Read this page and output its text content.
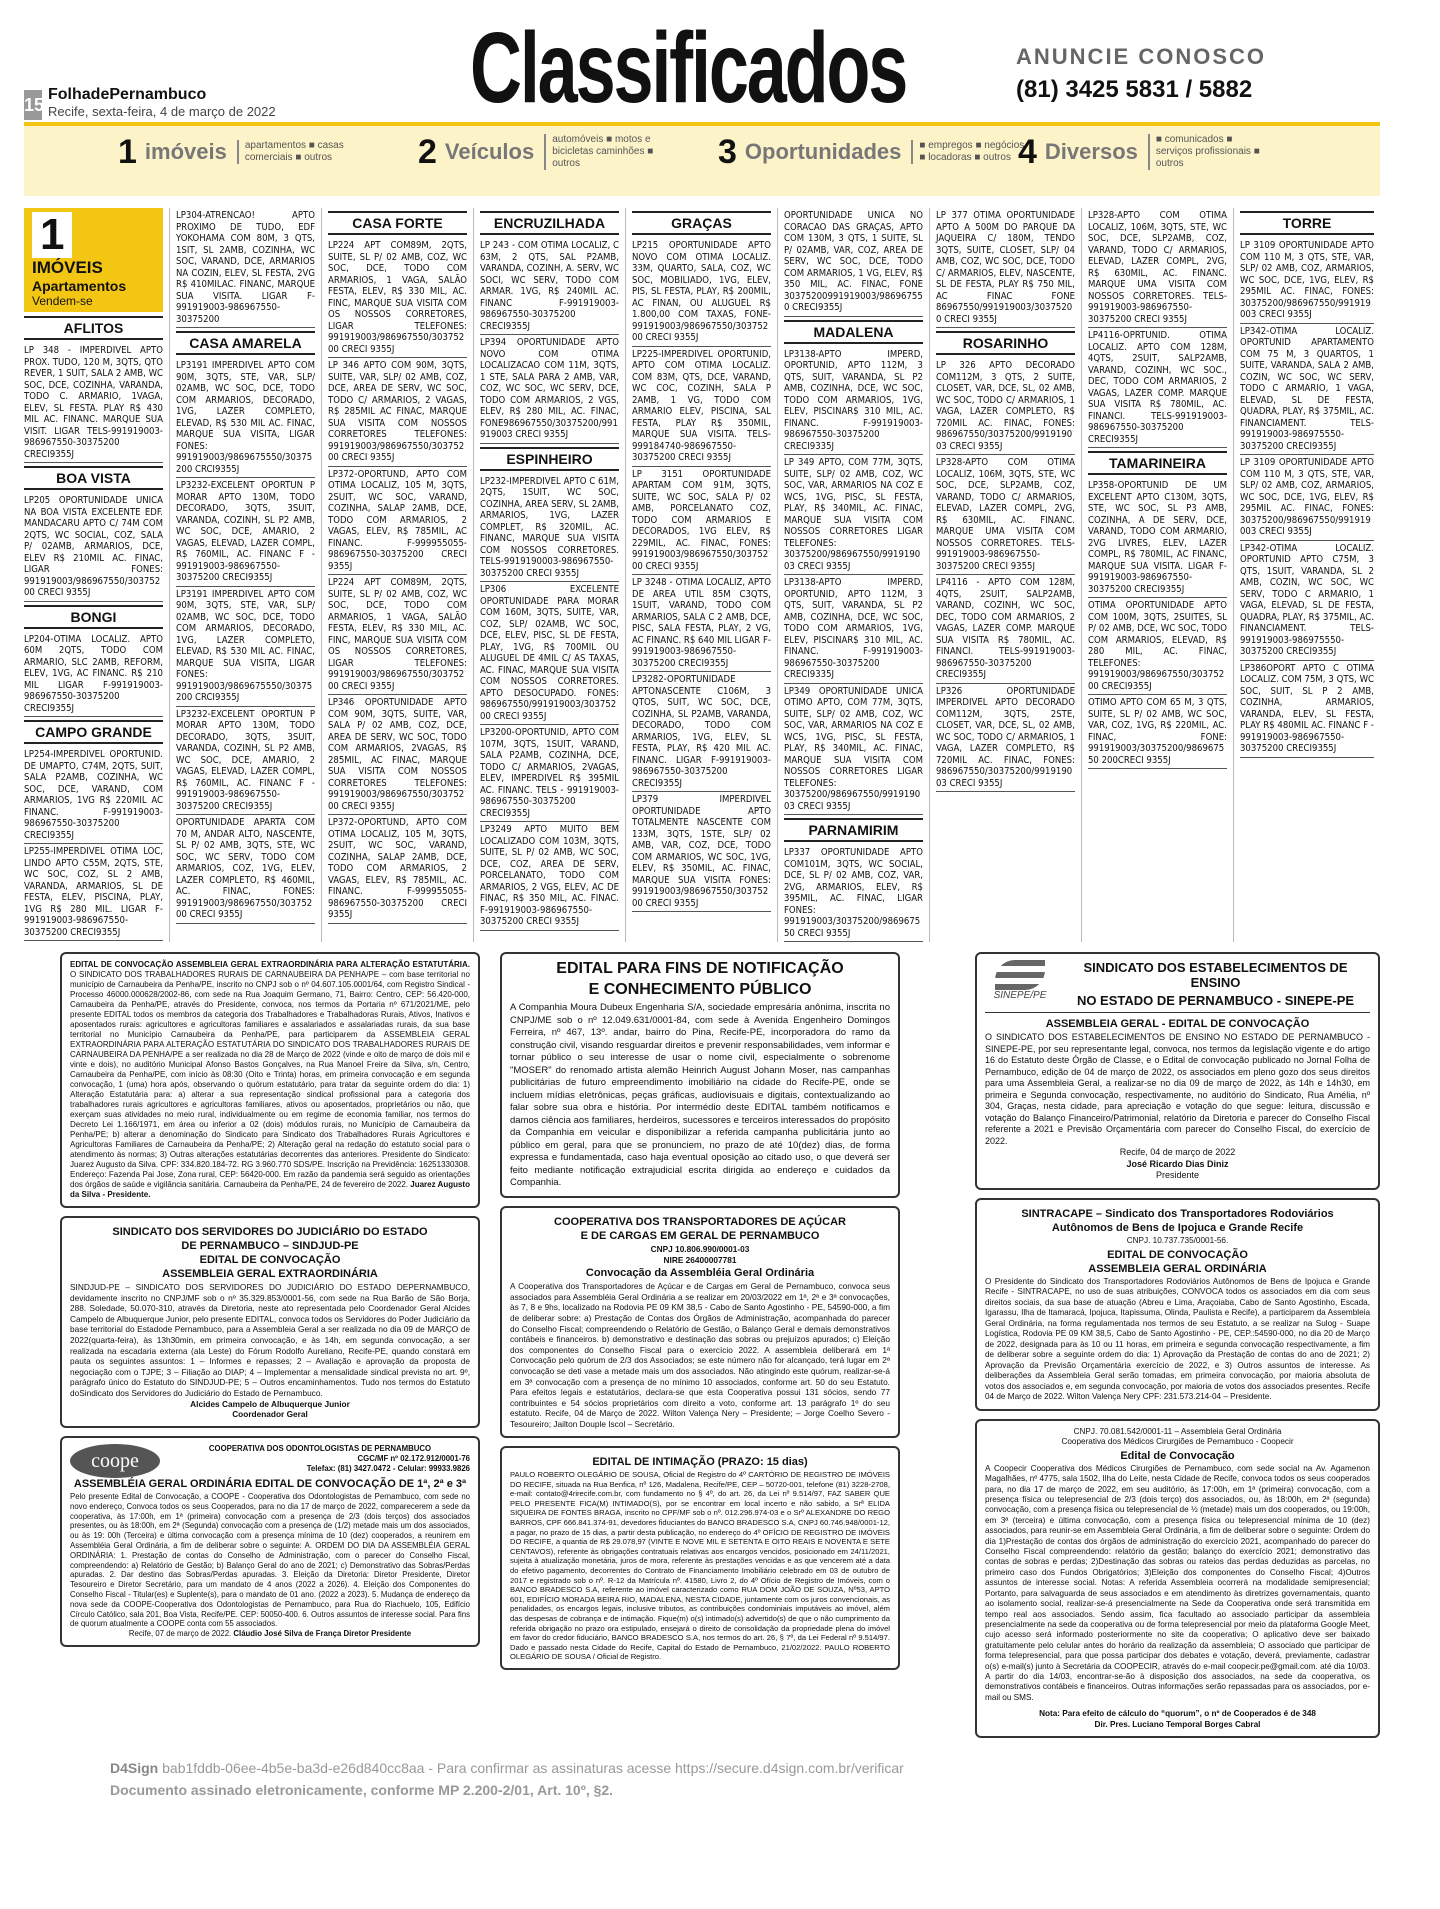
15
FolhadePernambuco
Recife, sexta-feira, 4 de março de 2022 Classificados	ANUNCIE CONOSCO
(81) 3425 5831 / 5882
1 imóveis	apartamentos ■ casas comerciais ■ outros	2 Veículos	automóveis ■ motos e bicicletas caminhões ■ outros	3 Oportunidades	■ empregos ■ negócios ■ locadoras ■ outros 4 Diversos	■ comunicados ■ serviços profissionais ■ outros
1
IMÓVEIS
Apartamentos
Vendem-se
AFLITOS
LP 348 - IMPERDIVEL APTO PROX. TUDO, 120 M, 3QTS, QTO REVER, 1 SUIT, SALA 2 AMB, WC SOC, DCE, COZINHA, VARANDA, TODO C. ARMARIO, 1VAGA, ELEV, SL FESTA. PLAY R$ 430 MIL AC. FINANC. MARQUE SUA VISIT. LIGAR TELS-991919003-986967550-30375200 CRECI9355J
BOA VISTA
LP205 OPORTUNIDADE UNICA NA BOA VISTA EXCELENTE EDF. MANDACARU APTO C/ 74M COM 2QTS, WC SOCIAL, COZ, SALA P/ 02AMB, ARMARIOS, DCE, ELEV R$ 210MIL AC. FINAC, LIGAR FONES: 991919003/986967550/30375200 CRECI 9355J
BONGI
LP204-OTIMA LOCALIZ. APTO 60M 2QTS, TODO COM ARMARIO, SLC 2AMB, REFORM, ELEV, 1VG, AC FINANC. R$ 210 MIL LIGAR F-991919003-986967550-30375200 CRECI9355J
CAMPO GRANDE
LP254-IMPERDIVEL OPORTUNID. DE UMAPTO, C74M, 2QTS, SUIT, SALA P2AMB, COZINHA, WC SOC, DCE, VARAND, COM ARMARIOS, 1VG R$ 220MIL AC FINANC. F-991919003-986967550-30375200 CRECI9355J
LP255-IMPERDIVEL OTIMA LOC, LINDO APTO C55M, 2QTS, STE, WC SOC, COZ, SL 2 AMB, VARANDA, ARMARIOS, SL DE FESTA, ELEV, PISCINA, PLAY, 1VG R$ 280 MIL. LIGAR F-991919003-986967550-30375200 CRECI9355J
LP304-ATRENCAO! APTO PROXIMO DE TUDO, EDF YOKOHAMA COM 80M, 3 QTS, 1SIT, SL 2AMB, COZINHA, WC SOC, VARAND, DCE, ARMARIOS NA COZIN, ELEV, SL FESTA, 2VG R$ 410MILAC. FINANC, MARQUE SUA VISITA. LIGAR F-991919003-986967550-30375200
CASA AMARELA
LP3191 IMPERDIVEL APTO COM 90M, 3QTS, STE, VAR, SLP/ 02AMB, WC SOC, DCE, TODO COM ARMARIOS, DECORADO, 1VG, LAZER COMPLETO, ELEVAD, R$ 530 MIL AC. FINAC, MARQUE SUA VISITA, LIGAR FONES: 991919003/9869675550/30375200 CRCI9355J
LP3232-EXCELENT OPORTUN P MORAR APTO 130M, TODO DECORADO, 3QTS, 3SUIT, VARANDA, COZINH, SL P2 AMB, WC SOC, DCE, AMARIO, 2 VAGAS, ELEVAD, LAZER COMPL, R$ 760MIL, AC. FINANC F - 991919003-986967550-30375200 CRECI9355J
LP3191 IMPERDIVEL APTO COM 90M, 3QTS, STE, VAR, SLP/ 02AMB, WC SOC, DCE, TODO COM ARMARIOS, DECORADO, 1VG, LAZER COMPLETO, ELEVAD, R$ 530 MIL AC. FINAC, MARQUE SUA VISITA, LIGAR FONES: 991919003/9869675550/30375200 CRCI9355J
LP3232-EXCELENT OPORTUN P MORAR APTO 130M, TODO DECORADO, 3QTS, 3SUIT, VARANDA, COZINH, SL P2 AMB, WC SOC, DCE, AMARIO, 2 VAGAS, ELEVAD, LAZER COMPL, R$ 760MIL, AC. FINANC F - 991919003-986967550-30375200 CRECI9355J
OPORTUNIDADE APARTA COM 70 M, ANDAR ALTO, NASCENTE, SL P/ 02 AMB, 3QTS, STE, WC SOC, WC SERV, TODO COM ARMARIOS, COZ, 1VG, ELEV, LAZER COMPLETO, R$ 460MIL, AC. FINAC, FONES: 991919003/986967550/30375200 CRECI 9355J
CASA FORTE
LP224 APT COM89M, 2QTS, SUITE, SL P/ 02 AMB, COZ, WC SOC, DCE, TODO COM ARMARIOS, 1 VAGA, SALÃO FESTA, ELEV, R$ 330 MIL, AC. FINC, MARQUE SUA VISITA COM OS NOSSOS CORRETORES, LIGAR TELEFONES: 991919003/986967550/30375200 CRECI 9355J
LP 346 APTO COM 90M, 3QTS, SUITE, VAR, SLP/ 02 AMB, COZ, DCE, AREA DE SERV, WC SOC, TODO C/ ARMARIOS, 2 VAGAS, R$ 285MIL AC FINAC, MARQUE SUA VISITA COM NOSSOS CORRETORES TELEFONES: 991919003/986967550/30375200 CRECI 9355J
LP372-OPORTUND, APTO COM OTIMA LOCALIZ, 105 M, 3QTS, 2SUIT, WC SOC, VARAND, COZINHA, SALAP 2AMB, DCE, TODO COM ARMARIOS, 2 VAGAS, ELEV, R$ 785MIL, AC FINANC. F-999955055-986967550-30375200 CRECI 9355J
LP224 APT COM89M, 2QTS, SUITE, SL P/ 02 AMB, COZ, WC SOC, DCE, TODO COM ARMARIOS, 1 VAGA, SALÃO FESTA, ELEV, R$ 330 MIL, AC. FINC, MARQUE SUA VISITA COM OS NOSSOS CORRETORES, LIGAR TELEFONES: 991919003/986967550/30375200 CRECI 9355J
LP346 OPORTUNIDADE APTO COM 90M, 3QTS, SUITE, VAR, SALA P/ 02 AMB, COZ, DCE, AREA DE SERV, WC SOC, TODO COM ARMARIOS, 2VAGAS, R$ 285MIL, AC FINAC, MARQUE SUA VISITA COM NOSSOS CORRETORES TELEFONES: 991919003/986967550/30375200 CRECI 9355J
LP372-OPORTUND, APTO COM OTIMA LOCALIZ, 105 M, 3QTS, 2SUIT, WC SOC, VARAND, COZINHA, SALAP 2AMB, DCE, TODO COM ARMARIOS, 2 VAGAS, ELEV, R$ 785MIL, AC. FINANC. F-999955055-986967550-30375200 CRECI 9355J
ENCRUZILHADA
LP 243 - COM OTIMA LOCALIZ, C 63M, 2 QTS, SAL P2AMB, VARANDA, COZINH, A. SERV, WC SOCI, WC SERV, TODO COM ARMAR. 1VG, R$ 240MIL AC. FINANC F-991919003-986967550-30375200 CRECI9355J
LP394 OPORTUNIDADE APTO NOVO COM OTIMA LOCALIZACAO COM 11M, 3QTS, 1 STE, SALA PARA 2 AMB, VAR, COZ, WC SOC, WC SERV, DCE, TODO COM ARMARIOS, 2 VGS, ELEV, R$ 280 MIL, AC. FINAC, FONE986967550/30375200/991919003 CRECI 9355J
ESPINHEIRO
LP232-IMPERDIVEL APTO C 61M, 2QTS, 1SUIT, WC SOC, COZINHA, AREA SERV, SL 2AMB, ARMARIOS, 1VG, LAZER COMPLET, R$ 320MIL, AC. FINANC, MARQUE SUA VISITA COM NOSSOS CORRETORES. TELS-9919190003-986967550-30375200 CRECI 9355J
LP306 EXCELENTE OPORTUNIDADE PARA MORAR COM 160M, 3QTS, SUITE, VAR, COZ, SLP/ 02AMB, WC SOC, DCE, ELEV, PISC, SL DE FESTA, PLAY, 1VG, R$ 700MIL OU ALUGUEL DE 4MIL C/ AS TAXAS, AC. FINAC, MARQUE SUA VISITA COM NOSSOS CORRETORES. APTO DESOCUPADO. FONES: 986967550/991919003/30375200 CRECI 9355J
LP3200-OPORTUNID, APTO COM 107M, 3QTS, 1SUIT, VARAND, SALA P2AMB, COZINHA, DCE, TODO C/ ARMARIOS, 2VAGAS, ELEV, IMPERDIVEL R$ 395MIL AC. FINANC. TELS - 991919003-986967550-30375200 CRECI9355J
LP3249 APTO MUITO BEM LOCALIZADO COM 103M, 3QTS, SUITE, SL P/ 02 AMB, WC SOC, DCE, COZ, AREA DE SERV, PORCELANATO, TODO COM ARMARIOS, 2 VGS, ELEV, AC DE FINAC, R$ 350 MIL, AC. FINAC. F-991919003-986967550-30375200 CRECI 9355J
GRAÇAS
LP215 OPORTUNIDADE APTO NOVO COM OTIMA LOCALIZ. 33M, QUARTO, SALA, COZ, WC SOC, MOBILIADO, 1VG, ELEV, PIS, SL FESTA, PLAY, R$ 200MIL, AC FINAN, OU ALUGUEL R$ 1.800,00 COM TAXAS, FONE-991919003/986967550/30375200 CRECI 9355J
LP225-IMPERDIVEL OPORTUNID, APTO COM OTIMA LOCALIZ. COM 83M, QTS, DCE, VARAND, WC COC, COZINH, SALA P 2AMB, 1 VG, TODO COM ARMARIO ELEV, PISCINA, SAL FESTA, PLAY R$ 350MIL, MARQUE SUA VISITA. TELS-999184740-986967550-30375200 CRECI 9355J
LP 3151 OPORTUNIDADE APARTAM COM 91M, 3QTS, SUITE, WC SOC, SALA P/ 02 AMB, PORCELANATO COZ, TODO COM ARMARIOS E DECORADOS, 1VG ELEV, R$ 229MIL, AC. FINAC, FONES: 991919003/986967550/30375200 CRECI 9355J
LP 3248 - OTIMA LOCALIZ, APTO DE AREA UTIL 85M C3QTS, 1SUIT, VARAND, TODO COM ARMARIOS, SALA C 2 AMB, DCE, PISC, SALA FESTA, PLAY, 2 VG, AC FINANC. R$ 640 MIL LIGAR F-991919003-986967550-30375200 CRECI9355J
LP3282-OPORTUNIDADE APTONASCENTE C106M, 3 QTOS, SUIT, WC SOC, DCE, COZINHA, SL P2AMB, VARANDA, DECORADO, TODO COM ARMARIOS, 1VG, ELEV, SL FESTA, PLAY, R$ 420 MIL AC. FINANC. LIGAR F-991919003-986967550-30375200 CRECI9355J
LP379 IMPERDIVEL OPORTUNIDADE APTO TOTALMENTE NASCENTE COM 133M, 3QTS, 1STE, SLP/ 02 AMB, VAR, COZ, DCE, TODO COM ARMARIOS, WC SOC, 1VG, ELEV, R$ 350MIL, AC. FINAC, MARQUE SUA VISITA FONES: 991919003/986967550/30375200 CRECI 9355J
OPORTUNIDADE UNICA NO CORACAO DAS GRAÇAS, APTO COM 130M, 3 QTS, 1 SUITE, SL P/ 02AMB, VAR, COZ, AREA DE SERV, WC SOC, DCE, TODO COM ARMARIOS, 1 VG, ELEV, R$ 350 MIL, AC. FINAC, FONE 30375200991919003/986967550 CRECI9355J
MADALENA
LP3138-APTO IMPERD, OPORTUNID, APTO 112M, 3 QTS, SUIT, VARANDA, SL P2 AMB, COZINHA, DCE, WC SOC, TODO COM ARMARIOS, 1VG, ELEV, PISCINAR$ 310 MIL, AC. FINANC. F-991919003-986967550-30375200 CRECI9335J
LP 349 APTO, COM 77M, 3QTS, SUITE, SLP/ 02 AMB, COZ, WC SOC, VAR, ARMARIOS NA COZ E WCS, 1VG, PISC, SL FESTA, PLAY, R$ 340MIL, AC. FINAC, MARQUE SUA VISITA COM NOSSOS CORRETORES LIGAR TELEFONES: 30375200/986967550/991919003 CRECI 9355J
LP3138-APTO IMPERD, OPORTUNID, APTO 112M, 3 QTS, SUIT, VARANDA, SL P2 AMB, COZINHA, DCE, WC SOC, TODO COM ARMARIOS, 1VG, ELEV, PISCINAR$ 310 MIL, AC. FINANC. F-991919003-986967550-30375200 CRECI9335J
LP349 OPORTUNIDADE UNICA OTIMO APTO, COM 77M, 3QTS, SUITE, SLP/ 02 AMB, COZ, WC SOC, VAR, ARMARIOS NA COZ E WCS, 1VG, PISC, SL FESTA, PLAY, R$ 340MIL, AC. FINAC, MARQUE SUA VISITA COM NOSSOS CORRETORES LIGAR TELEFONES: 30375200/986967550/991919003 CRECI 9355J
PARNAMIRIM
LP337 OPORTUNIDADE APTO COM101M, 3QTS, WC SOCIAL, DCE, SL P/ 02 AMB, COZ, VAR, 2VG, ARMARIOS, ELEV, R$ 395MIL, AC. FINAC, LIGAR FONES: 991919003/30375200/986967550 CRECI 9355J
LP 377 OTIMA OPORTUNIDADE APTO A 500M DO PARQUE DA JAQUEIRA C/ 180M, TENDO 3QTS, SUITE, CLOSET, SLP/ 04 AMB, COZ, WC SOC, DCE, TODO C/ ARMARIOS, ELEV, NASCENTE, SL DE FESTA, PLAY R$ 750 MIL, AC FINAC FONE 86967550/991919003/30375200 CRECI 9355J
ROSARINHO
LP 326 APTO DECORADO COM112M, 3 QTS, 2 SUITE, CLOSET, VAR, DCE, SL, 02 AMB, WC SOC, TODO C/ ARMARIOS, 1 VAGA, LAZER COMPLETO, R$ 720MIL AC. FINAC, FONES: 986967550/30375200/991919003 CRECI 9355J
LP328-APTO COM OTIMA LOCALIZ, 106M, 3QTS, STE, WC SOC, DCE, SLP2AMB, COZ, VARAND, TODO C/ ARMARIOS, ELEVAD, LAZER COMPL, 2VG, R$ 630MIL, AC. FINANC. MARQUE UMA VISITA COM NOSSOS CORRETORES. TELS-991919003-986967550-30375200 CRECI 9355J
LP4116 - APTO COM 128M, 4QTS, 2SUIT, SALP2AMB, VARAND, COZINH, WC SOC, DEC, TODO COM ARMARIOS, 2 VAGAS, LAZER COMP. MARQUE SUA VISITA R$ 780MIL, AC. FINANCI. TELS-991919003-986967550-30375200 CRECI9355J
LP326 OPORTUNIDADE IMPERDIVEL APTO DECORADO COM112M, 3QTS, 2STE, CLOSET, VAR, DCE, SL, 02 AMB, WC SOC, TODO C/ ARMARIOS, 1 VAGA, LAZER COMPLETO, R$ 720MIL AC. FINAC, FONES: 986967550/30375200/991919003 CRECI 9355J
LP328-APTO COM OTIMA LOCALIZ, 106M, 3QTS, STE, WC SOC, DCE, SLP2AMB, COZ, VARAND, TODO C/ ARMARIOS, ELEVAD, LAZER COMPL, 2VG, R$ 630MIL, AC. FINANC. MARQUE UMA VISITA COM NOSSOS CORRETORES. TELS-991919003-986967550-30375200 CRECI 9355J
LP4116-OPRTUNID. OTIMA LOCALIZ. APTO COM 128M, 4QTS, 2SUIT, SALP2AMB, VARAND, COZINH, WC SOC., DEC, TODO COM ARMARIOS, 2 VAGAS, LAZER COMP. MARQUE SUA VISITA R$ 780MIL, AC. FINANCI. TELS-991919003-986967550-30375200 CRECI9355J
TAMARINEIRA
LP358-OPORTUNID DE UM EXCELENT APTO C130M, 3QTS, STE, WC SOC, SL P3 AMB, COZINHA, A DE SERV, DCE, VARAND, TODO COM ARMARIO, 2VG LIVRES, ELEV, LAZER COMPL, R$ 780MIL, AC FINANC, MARQUE SUA VISITA. LIGAR F-991919003-986967550-30375200 CRECI9355J
OTIMA OPORTUNIDADE APTO COM 100M, 3QTS, 2SUITES, SL P/ 02 AMB, DCE, WC SOC, TODO COM ARMARIOS, ELEVAD, R$ 280 MIL, AC. FINAC, TELEFONES: 991919003/986967550/30375200 CRECI9355J
OTIMO APTO COM 65 M, 3 QTS, SUITE, SL P/ 02 AMB, WC SOC, VAR, COZ, 1VG, R$ 220MIL, AC. FINAC, FONE: 991919003/30375200/986967550 200CRECI 9355J
TORRE
LP 3109 OPORTUNIDADE APTO COM 110 M, 3 QTS, STE, VAR, SLP/ 02 AMB, COZ, ARMARIOS, WC SOC, DCE, 1VG, ELEV, R$ 295MIL AC. FINAC, FONES: 30375200/986967550/991919003 CRECI 9355J
LP342-OTIMA LOCALIZ. OPORTUNID APARTAMENTO COM 75 M, 3 QUARTOS, 1 SUITE, VARANDA, SALA 2 AMB, COZIN, WC SOC, WC SERV, TODO C ARMARIO, 1 VAGA, ELEVAD, SL DE FESTA, QUADRA, PLAY, R$ 375MIL, AC. FINANCIAMENT. TELS-991919003-986975550-30375200 CRECI9355J
LP 3109 OPORTUNIDADE APTO COM 110 M, 3 QTS, STE, VAR, SLP/ 02 AMB, COZ, ARMARIOS, WC SOC, DCE, 1VG, ELEV, R$ 295MIL AC. FINAC, FONES: 30375200/986967550/991919003 CRECI 9355J
LP342-OTIMA LOCALIZ. OPORTUNID APTO C75M, 3 QTS, 1SUIT, VARANDA, SL 2 AMB, COZIN, WC SOC, WC SERV, TODO C ARMARIO, 1 VAGA, ELEVAD, SL DE FESTA, QUADRA, PLAY, R$ 375MIL, AC. FINANCIAMENT. TELS-991919003-986975550-30375200 CRECI9355J
LP386OPORT APTO C OTIMA LOCALIZ. COM 75M, 3 QTS, WC SOC, SUIT, SL P 2 AMB, COZINHA, ARMARIOS, VARANDA, ELEV, SL FESTA, PLAY R$ 480MIL AC. FINANC F - 991919003-986967550-30375200 CRECI9355J
EDITAL DE CONVOCAÇÃO ASSEMBLEIA GERAL EXTRAORDINÁRIA PARA ALTERAÇÃO ESTATUTÁRIA. O SINDICATO DOS TRABALHADORES RURAIS DE CARNAUBEIRA DA PENHA/PE – com base territorial no município de Carnaubeira da Penha/PE, inscrito no CNPJ sob o nº 04.607.105.0001/64, com Registro Sindical - Processo 46000.000628/2002-86, com sede na Rua Joaquim Germano, 71, Bairro: Centro, CEP: 56.420-000, Carnaubeira da Penha/PE, através do Presidente, convoca, nos termos da Portaria nº 671/2021/ME, pelo presente EDITAL todos os membros da categoria dos Trabalhadores e Trabalhadoras Rurais, Ativos, Inativos e aposentados rurais: agricultores e agricultoras familiares e assalariados e assalariadas rurais, da sua base territorial no Município Carnaubeira da Penha/PE, para participarem da ASSEMBLEIA GERAL EXTRAORDINÁRIA PARA ALTERAÇÃO ESTATUTÁRIA DO SINDICATO DOS TRABALHADORES RURAIS DE CARNAUBEIRA DA PENHA/PE a ser realizada no dia 28 de Março de 2022 (vinde e oito de março de dois mil e vinte e dois), no auditório Municipal Afonso Bastos Gonçalves, na Rua Manoel Freire da Silva, s/n, Centro, Carnaubeira da Penha/PE, com início às 08:30 (Oito e Trinta) horas, em primeira convocação e em segunda convocação, 1 (uma) hora após, observando o quórum estatutário, para tratar da seguinte ordem do dia: 1) Alteração Estatutária para: a) alterar a sua representação sindical profissional para a categoria dos trabalhadores rurais agricultores e agricultoras familiares, ativos ou aposentados, proprietários ou não, que exerçam suas atividades no meio rural, individualmente ou em regime de economia familiar, nos termos do Decreto Lei 1.166/1971, em área ou inferior a 02 (dois) módulos rurais, no Município de Carnaubeira da Penha/PE; b) alterar a denominação do Sindicato para Sindicato dos Trabalhadores Rurais Agricultores e Agricultoras Familiares de Carnaubeira da Penha/PE; 2) Alteração geral na redação do estatuto social para o atendimento às normas; 3) Outras alterações estatutárias decorrentes das anteriores. Presidente do Sindicato: Juarez Augusto da Silva. CPF: 334.820.184-72. RG 3.960.770 SDS/PE. Inscrição na Previdência: 16251330308. Endereço: Fazenda Pai Jose, Zona rural, CEP: 56420-000. Em razão da pandemia será seguido as orientações dos órgãos de saúde e vigilância sanitária. Carnaubeira da Penha/PE, 24 de fevereiro de 2022. Juarez Augusto da Silva - Presidente.
EDITAL PARA FINS DE NOTIFICAÇÃO
E CONHECIMENTO PÚBLICO

A Companhia Moura Dubeux Engenharia S/A, sociedade empresária anônima, inscrita no CNPJ/ME sob o nº 12.049.631/0001-84, com sede à Avenida Engenheiro Domingos Ferreira, nº 467, 13º. andar, bairro do Pina, Recife-PE, incorporadora do ramo da construção civil, visando resguardar direitos e prevenir responsabilidades, vem informar e tornar público o seu interesse de usar o nome civil, especialmente o sobrenome "MOSER" do renomado artista alemão Heinrich August Johann Moser, nas campanhas publicitárias de futuro empreendimento imobiliário na cidade do Recife-PE, onde se incluem mídias eletrônicas, peças gráficas, audiovisuais e digitais, contextualizando ao falar sobre sua obra e história. Por intermédio deste EDITAL também notificamos e damos ciência aos familiares, herdeiros, sucessores e terceiros interessados do propósito da Companhia em veicular e disponibilizar a referida campanha publicitária junto ao público em geral, para que se pronunciem, no prazo de até 10(dez) dias, de forma expressa e fundamentada, caso haja eventual oposição ao citado uso, o que deverá ser feito mediante notificação extrajudicial escrita dirigida ao endereço e cuidados da Companhia.

SINEPE/PE
SINDICATO DOS ESTABELECIMENTOS DE ENSINO
NO ESTADO DE PERNAMBUCO - SINEPE-PE
ASSEMBLEIA GERAL - EDITAL DE CONVOCAÇÃO

O SINDICATO DOS ESTABELECIMENTOS DE ENSINO NO ESTADO DE PERNAMBUCO - SINEPE-PE, por seu representante legal, convoca, nos termos da legislação vigente e do artigo 16 do Estatuto deste Órgão de Classe, e o Edital de convocação publicado no Jornal Folha de Pernambuco, edição de 04 de março de 2022, os associados em pleno gozo dos seus direitos para uma Assembleia Geral, a realizar-se no dia 09 de março de 2022, às 14h e 14h30, em primeira e Segunda convocação, respectivamente, no auditório do Sindicato, Rua Amélia, nº 304, Graças, nesta cidade, para apreciação e votação do que segue: leitura, discussão e votação do Balanço Financeiro/Patrimonial, relatório da Diretoria e parecer do Conselho Fiscal referente a 2021 e Previsão Orçamentária com parecer do Conselho Fiscal, do exercício de 2022.

Recife, 04 de março de 2022

José Ricardo Dias Diniz

Presidente

SINTRACAPE – Sindicato dos Transportadores Rodoviários
Autônomos de Bens de Ipojuca e Grande Recife

CNPJ. 10.737.735/0001-56.

EDITAL DE CONVOCAÇÃO
ASSEMBLEIA GERAL ORDINÁRIA

O Presidente do Sindicato dos Transportadores Rodoviários Autônomos de Bens de Ipojuca e Grande Recife - SINTRACAPE, no uso de suas atribuições, CONVOCA todos os associados em dia com seus direitos sociais, da sua base de atuação (Abreu e Lima, Araçoiaba, Cabo de Santo Agostinho, Escada, Igarassu, Ilha de Itamaracá, Ipojuca, Itapissuma, Olinda, Paulista e Recife), a participarem da Assembleia Geral Ordinária, na forma regulamentada nos termos de seu Estatuto, a se realizar na Sulog - Suape Logística, Rodovia PE 09 KM 38,5, Cabo de Santo Agostinho - PE, CEP.:54590-000, no dia 20 de Março de 2022, designada para às 10 ou 11 horas, em primeira e segunda convocação respectivamente, a fim de deliberar sobre a seguinte ordem do dia: 1) Aprovação da Prestação de contas do ano de 2021; 2) Aprovação da Previsão Orçamentária exercício de 2022, e 3) Outros assuntos de interesse. As deliberações da Assembleia Geral serão tomadas, em primeira convocação, por maioria absoluta de votos dos associados e, em segunda convocação, por maioria de votos dos associados presentes. Recife 04 de Março de 2022. Wilton Valença Nery CPF: 231.573.214-04 – Presidente.

SINDICATO DOS SERVIDORES DO JUDICIÁRIO DO ESTADO
DE PERNAMBUCO – SINDJUD-PE
EDITAL DE CONVOCAÇÃO
ASSEMBLEIA GERAL EXTRAORDINÁRIA

SINDJUD-PE – SINDICATO DOS SERVIDORES DO JUDICIÁRIO DO ESTADO DEPERNAMBUCO, devidamente inscrito no CNPJ/MF sob o nº 35.329.853/0001-56, com sede na Rua Barão de São Borja, 288. Soledade, 50.070-310, através da Diretoria, neste ato representada pelo Coordenador Geral Alcides Campelo de Albuquerque Junior, pelo presente EDITAL, convoca todos os Servidores do Poder Judiciário da base territorial do Estadode Pernambuco, para a Assembleia Geral a ser realizada no dia 09 de MARÇO de 2022(quarta-feira), às 13h30min, em primeira convocação, e às 14h, em segunda convocação, a ser realizada na escadaria externa (ala Leste) do Fórum Rodolfo Aureliano, Recife-PE, quando constará em pauta os seguintes assuntos: 1 – Informes e repasses; 2 – Avaliação e aprovação da proposta de negociação com o TJPE; 3 – Filiação ao DIAP; 4 – Implementar a mensalidade sindical prevista no art. 9º, parágrafo único do Estatuto do SINDJUD-PE; 5 – Outros encaminhamentos. Tudo nos termos do Estatuto doSindicato dos Servidores do Judiciário do Estado de Pernambuco.

Alcides Campelo de Albuquerque Junior

Coordenador Geral

COOPERATIVA DOS TRANSPORTADORES DE AÇÚCAR
E DE CARGAS EM GERAL DE PERNAMBUCO

CNPJ 10.806.990/0001-03

NIRE 26400007781

Convocação da Assembléia Geral Ordinária

A Cooperativa dos Transportadores de Açúcar e de Cargas em Geral de Pernambuco, convoca seus associados para Assembléia Geral Ordinária a se realizar em 20/03/2022 em 1ª, 2ª e 3ª convocações, às 7, 8 e 9hs, localizado na Rodovia PE 09 KM 38,5 - Cabo de Santo Agostinho - PE, 54590-000, a fim de deliberar sobre: a) Prestação de Contas dos Órgãos de Administração, acompanhada do parecer do Conselho Fiscal; compreendendo o Relatório de Gestão, o Balanço Geral e demais demonstrativos contábeis e financeiros. b) demonstrativo e destinação das sobras ou prejuízos apurados; c) Eleição dos componentes do Conselho Fiscal para o exercício 2022. A assembleia deliberará em 1ª Convocação pelo quórum de 2/3 dos Associados; se este número não for alcançado, terá lugar em 2ª convocação se deti vase a metade mais um dos associados. Não atingindo este quórum, realizar-se-á em 3ª convocação com a presença de no mínimo 10 associados, conforme art. 50 do seu Estatuto. Para efeitos legais e estatutários, declara-se que esta Cooperativa possui 131 sócios, sendo 77 contribuintes e 54 sócios proprietários com direito a voto, conforme art. 13 parágrafo 1º do seu estatuto. Recife, 04 de Março de 2022. Wilton Valença Nery – Presidente; – Jorge Coelho Severo - Tesoureiro; Jailton Douple Iscol – Secretário.

coope

COOPERATIVA DOS ODONTOLOGISTAS DE PERNAMBUCO

CGC/MF nº 02.172.912/0001-76

Telefax: (81) 3427.0472 - Celular: 99933.9826

ASSEMBLÉIA GERAL ORDINÁRIA EDITAL DE CONVOCAÇÃO DE 1ª, 2ª e 3ª

Pelo presente Edital de Convocação, a COOPE - Cooperativa dos Odontologistas de Pernambuco, com sede no novo endereço, Convoca todos os seus Cooperados, para no dia 17 de março de 2022, comparecerem a sede da cooperativa, às 17:00h, em 1ª (primeira) convocação com a presença de 2/3 (dois terços) dos associados presentes, ou às 18:00h, em 2ª (Segunda) convocação com a presença de (1/2) metade mais um dos associados, ou às 19: 00h (Terceira) e última convocação com a presença mínima de 10 (dez) cooperados, a reunirem em Assembléia Geral Ordinária, a fim de deliberar sobre o seguinte: A. ORDEM DO DIA DA ASSEMBLÉIA GERAL ORDINÁRIA: 1. Prestação de contas do Conselho de Administração, com o parecer do Conselho Fiscal, compreendendo: a) Relatório de Gestão; b) Balanço Geral do ano de 2021; c) Demonstrativo das Sobras/Perdas apuradas. 2. Dar destino das Sobras/Perdas apuradas. 3. Eleição da Diretoria: Diretor Presidente, Diretor Tesoureiro e Diretor Secretário, para um mandato de 4 anos (2022 a 2026). 4. Eleição dos Componentes do Conselho Fiscal - Titular(es) e Suplente(s), para o mandato de 01 ano. (2022 a 2023). 5. Mudança de endereço da nova sede da COOPE-Cooperativa dos Odontologistas de Pernambuco, para Rua do Riachuelo, 105, Edifício Círculo Católico, sala 201, Boa Vista, Recife/PE. CEP: 50050-400. 6. Outros assuntos de interesse social. Para fins de quorum atualmente a COOPE conta com 55 associados.

Recife, 07 de março de 2022. Cláudio José Silva de França Diretor Presidente

EDITAL DE INTIMAÇÃO (PRAZO: 15 dias)

PAULO ROBERTO OLEGÁRIO DE SOUSA, Oficial de Registro do 4º CARTÓRIO DE REGISTRO DE IMÓVEIS DO RECIFE, situada na Rua Benfica, nº 126, Madalena, Recife/PE, CEP – 50720-001, telefone (81) 3228-2708, e-mail: contato@4rirecife.com.br, com fundamento no § 4º, do art. 26, da Lei nº 9.514/97, FAZ SABER QUE PELO PRESENTE FICA(M) INTIMADO(S), por se encontrar em local incerto e não sabido, a Srª ELIDA SIQUEIRA DE FONTES BRAGA, inscrito no CPF/MF sob o nº. 012.296.974-03 e o Srº ALEXANDRE DO REGO BARROS, CPF 666.841.374-91, devedores fiduciantes do BANCO BRADESCO S.A, CNPJ 60.746.948/0001-12, a pagar, no prazo de 15 dias, a partir desta publicação, no endereço do 4º OFÍCIO DE REGISTRO DE IMÓVEIS DO RECIFE, a quantia de R$ 29.078,97 (VINTE E NOVE MIL E SETENTA E OITO REAIS E NOVENTA E SETE CENTAVOS), referente às obrigações contratuais relativas aos encargos vencidos, posicionado em 24/11/2021, sujeita à atualização monetária, juros de mora, referente às prestações vencidas e as que vencerem até a data do efetivo pagamento, decorrentes do Contrato de Financiamento Imobiliário celebrado em 03 de outubro de 2017 e registrado sob o nº. R-12 da Matrícula nº. 41580, Livro 2, do 4º Ofício de Registro de Imóveis, com o BANCO BRADESCO S.A, referente ao imóvel caracterizado como RUA DOM JOÃO DE SOUZA, Nº53, APTO 601, EDIFÍCIO MORADA BEIRA RIO, MADALENA, NESTA CIDADE, juntamente com os juros convencionais, as penalidades, os encargos legais, inclusive tributos, as contribuições condominiais imputáveis ao imóvel, além das despesas de cobrança e de intimação. Fique(m) o(s) intimado(s) advertido(s) de que o não cumprimento da referida obrigação no prazo ora estipulado, ensejará o direito de consolidação da propriedade plena do imóvel em favor do credor fiduciário, BANCO BRADESCO S.A, nos termos do art. 26, § 7º, da Lei Federal nº 9.514/97. Dado e passado nesta Cidade do Recife, Capital do Estado de Pernambuco, 21/02/2022. PAULO ROBERTO OLEGÁRIO DE SOUSA / Oficial de Registro.

CNPJ. 70.081.542/0001-11 – Assembleia Geral Ordinária

Cooperativa dos Médicos Cirurgiões de Pernambuco - Coopecir

Edital de Convocação

A Coopecir Cooperativa dos Médicos Cirurgiões de Pernambuco, com sede social na Av. Agamenon Magalhães, nº 4775, sala 1502, Ilha do Leite, nesta Cidade de Recife, convoca todos os seus cooperados para, no dia 17 de março de 2022, em seu auditório, às 17:00h, em 1ª (primeira) convocação, com a presença física ou telepresencial de 2/3 (dois terço) dos associados, ou, às 18:00h, em 2ª (segunda) convocação, com a presença física ou telepresencial de ½ (metade) mais um dos cooperados, ou 19:00h, em 3ª (terceira) e última convocação, com a presença física ou telepresencial mínima de 10 (dez) associados, para reunir-se em Assembleia Geral Ordinária, a fim de deliberar sobre o seguinte: Ordem do dia 1)Prestação de contas dos órgãos de administração do exercício 2021, acompanhado do parecer do Conselho Fiscal compreendendo: relatório da gestão; balanço do exercício 2021; demonstrativo das contas de sobras e perdas; 2)Destinação das sobras ou rateios das perdas deduzidas as parcelas, no primeiro caso dos Fundos Obrigatórios; 3)Eleição dos componentes do Conselho Fiscal; 4)Outros assuntos de interesse social. Notas: A referida Assembleia ocorrerá na modalidade semipresencial; Portanto, para salvaguarda de seus associados e em atendimento às diretrizes governamentais, quanto ao isolamento social, realizar-se-á presencialmente na Sede da Cooperativa onde será transmitida em tempo real aos associados. Sendo assim, fica facultado ao associado participar da assembleia presencialmente na sede da cooperativa ou de forma telepresencial por meio da plataforma Google Meet, cujo acesso será informado posteriormente no site da cooperativa; O aplicativo deve ser baixado gratuitamente pelo celular antes do horário da realização da assembleia; O associado que participar de forma telepresencial, para que possa participar dos debates e votação, deverá, previamente, cadastrar o(s) e-mail(s) junto à Secretária da COOPECIR, através do e-mail coopecir.pe@gmail.com. até dia 10/03. A partir do dia 14/03, encontrar-se-ão à disposição dos associados, na sede da cooperativa, os demonstrativos contábeis e financeiros. Outras informações serão repassadas para os associados, por e-mail ou SMS.

Nota: Para efeito de cálculo do “quorum”, o nº de Cooperados é de 348

Dir. Pres. Luciano Temporal Borges Cabral

D4Sign bab1fddb-06ee-4b5e-ba3d-e26d840cc8aa - Para confirmar as assinaturas acesse https://secure.d4sign.com.br/verificar
Documento assinado eletronicamente, conforme MP 2.200-2/01, Art. 10º, §2.
